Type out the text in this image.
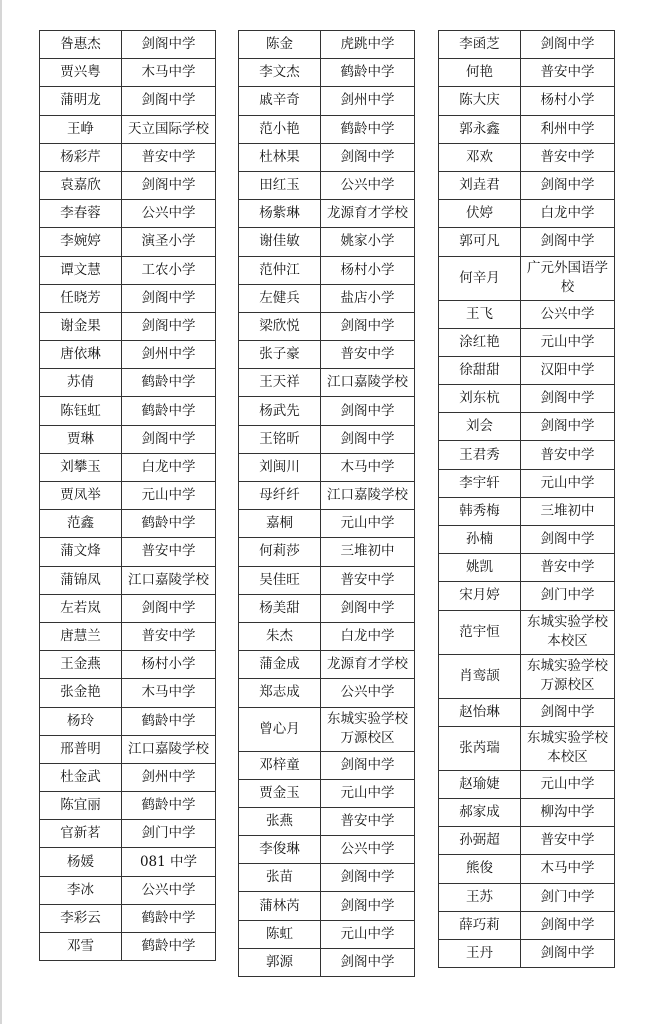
昝惠杰	剑阁中学
贾兴粤	木马中学
蒲明龙	剑阁中学
王峥	天立国际学校
杨彩芹	普安中学
袁嘉欣	剑阁中学
李春蓉	公兴中学
李婉婷	演圣小学
谭文慧	工农小学
任晓芳	剑阁中学
谢金果	剑阁中学
唐依琳	剑州中学
苏倩	鹤龄中学
陈钰虹	鹤龄中学
贾琳	剑阁中学
刘攀玉	白龙中学
贾凤举	元山中学
范鑫	鹤龄中学
蒲文烽	普安中学
蒲锦凤	江口嘉陵学校
左若岚	剑阁中学
唐慧兰	普安中学
王金燕	杨村小学
张金艳	木马中学
杨玲	鹤龄中学
邢普明	江口嘉陵学校
杜金武	剑州中学
陈宜丽	鹤龄中学
官新茗	剑门中学
杨媛	081 中学
李冰	公兴中学
李彩云	鹤龄中学
邓雪	鹤龄中学
陈金	虎跳中学
李文杰	鹤龄中学
戚辛奇	剑州中学
范小艳	鹤龄中学
杜林果	剑阁中学
田红玉	公兴中学
杨紫琳	龙源育才学校
谢佳敏	姚家小学
范仲江	杨村小学
左健兵	盐店小学
梁欣悦	剑阁中学
张子豪	普安中学
王天祥	江口嘉陵学校
杨武先	剑阁中学
王铭昕	剑阁中学
刘闽川	木马中学
母纤纤	江口嘉陵学校
嘉桐	元山中学
何莉莎	三堆初中
吴佳旺	普安中学
杨美甜	剑阁中学
朱杰	白龙中学
蒲金成	龙源育才学校
郑志成	公兴中学
曾心月	东城实验学校万源校区
邓梓童	剑阁中学
贾金玉	元山中学
张燕	普安中学
李俊琳	公兴中学
张苗	剑阁中学
蒲林芮	剑阁中学
陈虹	元山中学
郭源	剑阁中学
李函芝	剑阁中学
何艳	普安中学
陈大庆	杨村小学
郭永鑫	利州中学
邓欢	普安中学
刘垚君	剑阁中学
伏婷	白龙中学
郭可凡	剑阁中学
何辛月	广元外国语学校
王飞	公兴中学
涂红艳	元山中学
徐甜甜	汉阳中学
刘东杭	剑阁中学
刘会	剑阁中学
王君秀	普安中学
李宇轩	元山中学
韩秀梅	三堆初中
孙楠	剑阁中学
姚凯	普安中学
宋月婷	剑门中学
范宇恒	东城实验学校本校区
肖鸾颉	东城实验学校万源校区
赵怡琳	剑阁中学
张芮瑞	东城实验学校本校区
赵瑜婕	元山中学
郝家成	柳沟中学
孙弼超	普安中学
熊俊	木马中学
王苏	剑门中学
薛巧莉	剑阁中学
王丹	剑阁中学
